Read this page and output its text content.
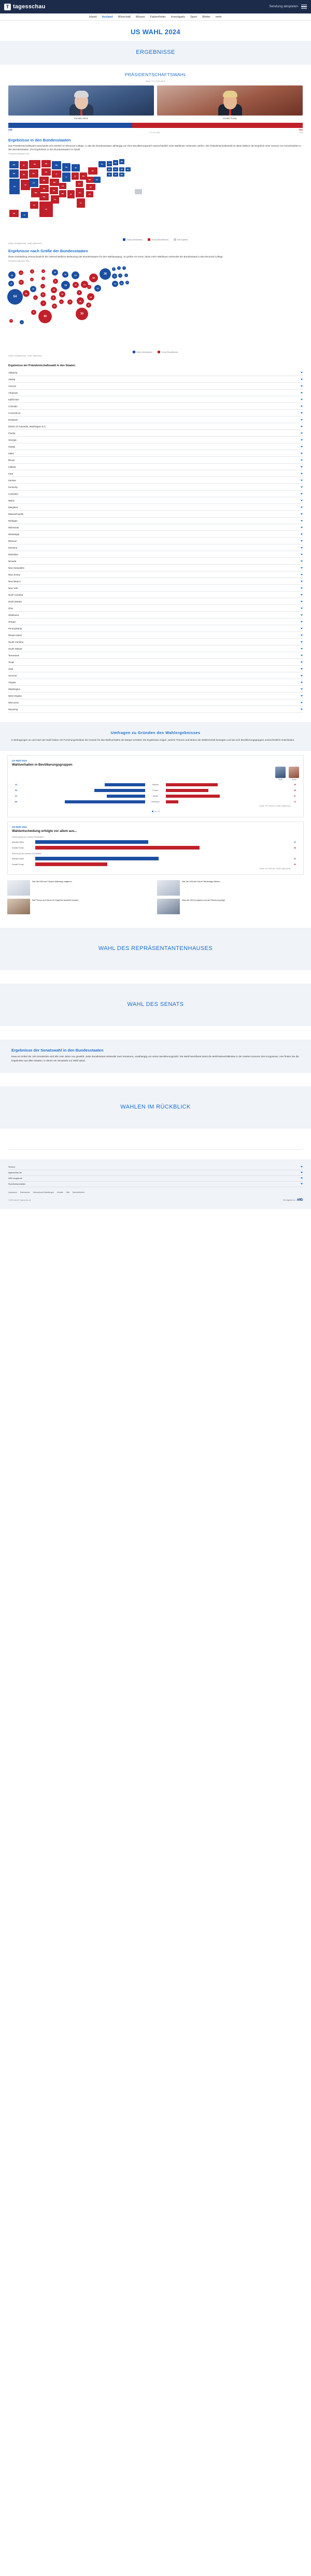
T tagesschau	Sendung abspielen
Inland Ausland Wirtschaft Wissen Faktenfinder Investigativ Sport Wetter mehr
US WAHL 2024
ERGEBNISSE
PRÄSIDENTSCHAFTSWAHL
Stand: 13.12.2024, 08:14
Kamala Harris	Donald Trump
226	312
0	270 zum Sieg	538
Ergebnisse in den Bundesstaaten
Das Präsidentschaftswahl entscheidet sich letztlich im Electoral College, in das die Bundesstaaten abhängig von ihrer Bevölkerungszahl unterschiedlich viele Wahlleute entsenden dürfen. Die Präsidentschaftswahl ist damit faktisch die Ergebnis einer Summe von Einzelwahlen in den Bundesstaaten. Die Ergebnisse in den Bundesstaaten im Detail:
Präsidentschaftswahl 2024
WA
OR
CA
ID
NV
AZ
MT
WY
CO
NM
ND
SD
NE
KS
OK
TX
MN
IA
MO
AR
LA
WI
IL
TN
MS	AL
MI
IN	OH
KY
GA
FL
PA
WV	VA
NC
SC
NY	VT	NH	ME
MA
RI
CT
NJ
DE
MD
DC
UT
AK
HI
Harris (Demokraten)	Trump (Republikaner)	kein Ergebnis
Quelle: AP/tagesschau, Grafik: tagesschau
Ergebnisse nach Größe der Bundesstaaten
Diese Darstellung veranschaulicht die unterschiedliche Bedeutung der Bundesstaaten für den Wahlausgang. Je größer ein Kreis, desto mehr Wahlleute entsendet der Bundesstaat in das Electoral College.
Präsidentschaftswahl 2024
12
8
54
4
6
11
4
3
10
5
3
3
5
6
7
40
10
6
10
6
8
10
19
11
6	9
15
11	17
8
16
30
19
4
13
16
9
28
3
4	4
11	7	3
14	10	3
6
3
4
Harris (Demokraten)	Trump (Republikaner)
Quelle: AP/tagesschau, Grafik: tagesschau
Ergebnisse der Präsidentschaftswahl in den Staaten
Alabama
Alaska
Arizona
Arkansas
Kalifornien
Colorado
Connecticut
Delaware
District of Columbia, Washington D.C.
Florida
Georgia
Hawaii
Idaho
Illinois
Indiana
Iowa
Kansas
Kentucky
Louisiana
Maine
Maryland
Massachusetts
Michigan
Minnesota
Mississippi
Missouri
Montana
Nebraska
Nevada
New Hampshire
New Jersey
New Mexico
New York
North Carolina
North Dakota
Ohio
Oklahoma
Oregon
Pennsylvania
Rhode Island
South Carolina
South Dakota
Tennessee
Texas
Utah
Vermont
Virginia
Washington
West Virginia
Wisconsin
Wyoming
Umfragen zu Gründen des Wahlergebnisses
In Befragungen an und nach der Wahl haben US-Forschungsinstitute die Gründe für das Wahlverhalten der Bürger ermittelt. Die Ergebnisse zeigen, welche Themen und Motive die Wählerschaft bewegten und wie sich Bevölkerungsgruppen unterschiedlich entschieden.
US-Wahl 2024
Wahlverhalten in Bevölkerungsgruppen
Harris	Trump
42	Männer	55
53	Frauen	45
41	Weiße	57
86	Schwarze	13
Quelle: AP VoteCast, Grafik: tagesschau
US-Wahl 2024
Wahlentscheidung erfolgte vor allem aus...
Überzeugung von meinem Kandidaten
Kamala Harris	47
Donald Trump	68
Ablehnung des anderen Kandidaten
Kamala Harris	51
Donald Trump	30
Quelle: AP VoteCast, Grafik: tagesschau
Wie die USA auf Trumps Wahlsieg reagieren	Wie die USA auf Harris' Niederlage blicken
Wie Trump und Harris ihr Ergebnis bewertet werden	Was die USA Kongress und die Stimmung prägt
WAHL DES REPRÄSENTANTENHAUSES
WAHL DES SENATS
Ergebnisse der Senatswahl in den Bundesstaaten
Etwa ein Drittel der 100 Senatssitze wird alle zwei Jahre neu gewählt. Jeder Bundesstaat entsendet zwei Senatoren, unabhängig von seiner Bevölkerungszahl. Die Wahl beeinflusst damit die Mehrheitsverhältnisse in der zweiten Kammer des Kongresses. Hier finden Sie die Ergebnisse aus allen Staaten, in denen ein Senatssitz zur Wahl stand.
WAHLEN IM RÜCKBLICK
Service
tagesschau.de
ARD-Angebote
Rundfunkanstalten
Impressum Datenschutz Datenschutz-Einstellungen Kontakt Hilfe Barrierefreiheit
© ARD-aktuell / tagesschau.de	Ein Angebot von ARD
